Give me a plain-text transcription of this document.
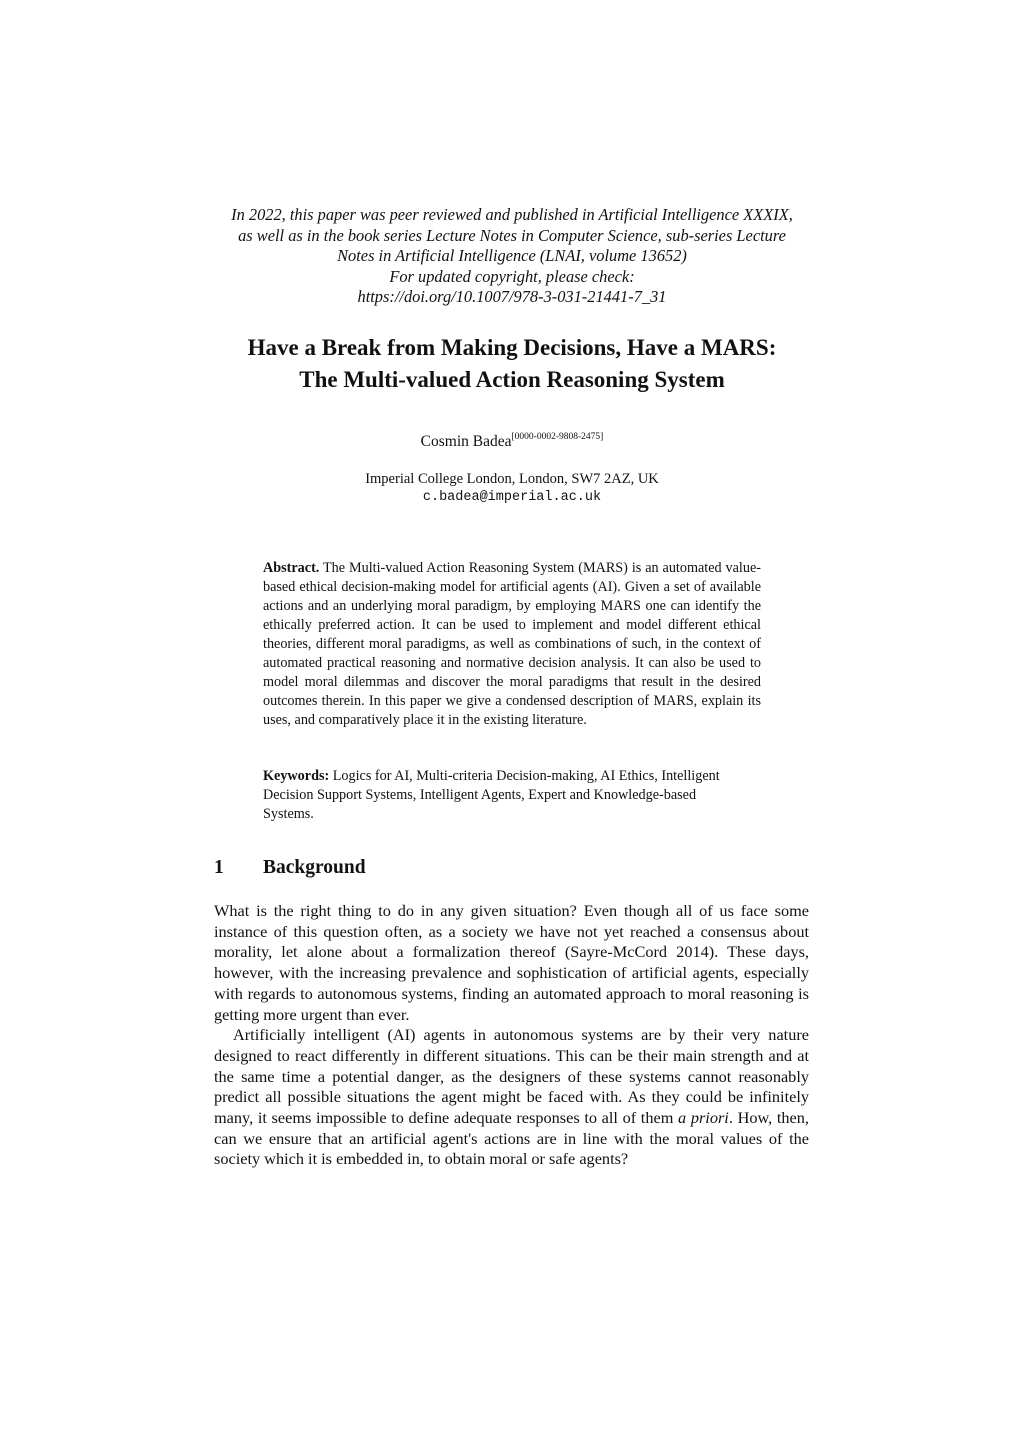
In 2022, this paper was peer reviewed and published in Artificial Intelligence XXXIX,
as well as in the book series Lecture Notes in Computer Science, sub-series Lecture
Notes in Artificial Intelligence (LNAI, volume 13652)
For updated copyright, please check:
https://doi.org/10.1007/978-3-031-21441-7_31
Have a Break from Making Decisions, Have a MARS:
The Multi-valued Action Reasoning System
Cosmin Badea[0000-0002-9808-2475]
Imperial College London, London, SW7 2AZ, UK
c.badea@imperial.ac.uk
Abstract. The Multi-valued Action Reasoning System (MARS) is an automated value-based ethical decision-making model for artificial agents (AI). Given a set of available actions and an underlying moral paradigm, by employing MARS one can identify the ethically preferred action. It can be used to implement and model different ethical theories, different moral paradigms, as well as combinations of such, in the context of automated practical reasoning and normative decision analysis. It can also be used to model moral dilemmas and discover the moral paradigms that result in the desired outcomes therein. In this paper we give a condensed description of MARS, explain its uses, and comparatively place it in the existing literature.
Keywords: Logics for AI, Multi-criteria Decision-making, AI Ethics, Intelligent Decision Support Systems, Intelligent Agents, Expert and Knowledge-based Systems.
1 Background

What is the right thing to do in any given situation? Even though all of us face some instance of this question often, as a society we have not yet reached a consensus about morality, let alone about a formalization thereof (Sayre-McCord 2014). These days, however, with the increasing prevalence and sophistication of artificial agents, especially with regards to autonomous systems, finding an automated approach to moral reasoning is getting more urgent than ever.

Artificially intelligent (AI) agents in autonomous systems are by their very nature designed to react differently in different situations. This can be their main strength and at the same time a potential danger, as the designers of these systems cannot reasonably predict all possible situations the agent might be faced with. As they could be infinitely many, it seems impossible to define adequate responses to all of them a priori. How, then, can we ensure that an artificial agent's actions are in line with the moral values of the society which it is embedded in, to obtain moral or safe agents?
